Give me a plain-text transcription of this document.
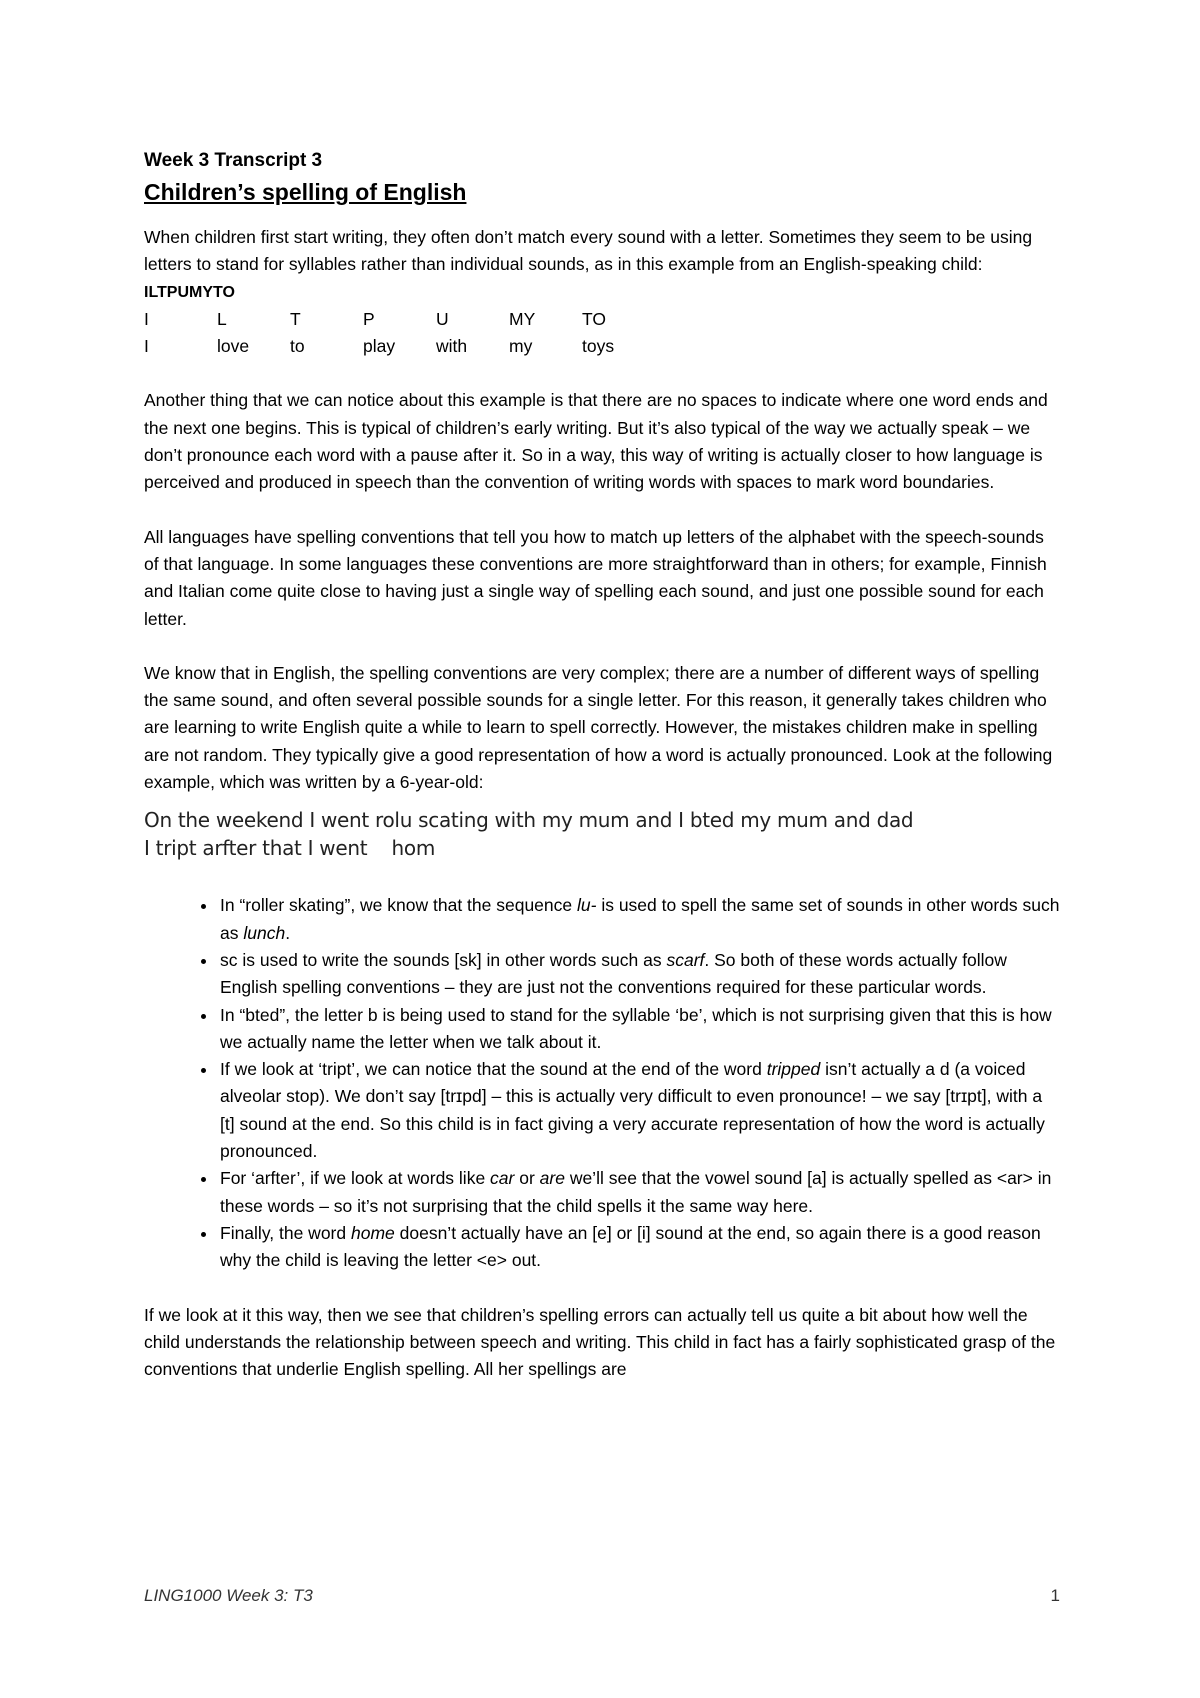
Week 3 Transcript 3
Children’s spelling of English

When children first start writing, they often don’t match every sound with a letter. Sometimes they seem to be using letters to stand for syllables rather than individual sounds, as in this example from an English-speaking child:

ILTPUMYTO
I	L	T	P	U	MY	TO
I	love	to	play	with	my	toys

Another thing that we can notice about this example is that there are no spaces to indicate where one word ends and the next one begins. This is typical of children’s early writing. But it’s also typical of the way we actually speak – we don’t pronounce each word with a pause after it. So in a way, this way of writing is actually closer to how language is perceived and produced in speech than the convention of writing words with spaces to mark word boundaries.

All languages have spelling conventions that tell you how to match up letters of the alphabet with the speech-sounds of that language. In some languages these conventions are more straightforward than in others; for example, Finnish and Italian come quite close to having just a single way of spelling each sound, and just one possible sound for each letter.

We know that in English, the spelling conventions are very complex; there are a number of different ways of spelling the same sound, and often several possible sounds for a single letter. For this reason, it generally takes children who are learning to write English quite a while to learn to spell correctly. However, the mistakes children make in spelling are not random. They typically give a good representation of how a word is actually pronounced. Look at the following example, which was written by a 6-year-old:

On the weekend I went rolu scating with my mum and I bted my mum and dad
I tript arfter that I went    hom
• In “roller skating”, we know that the sequence lu- is used to spell the same set of sounds in other words such as lunch.
• sc is used to write the sounds [sk] in other words such as scarf. So both of these words actually follow English spelling conventions – they are just not the conventions required for these particular words.
• In “bted”, the letter b is being used to stand for the syllable ‘be’, which is not surprising given that this is how we actually name the letter when we talk about it.
• If we look at ‘tript’, we can notice that the sound at the end of the word tripped isn’t actually a d (a voiced alveolar stop). We don’t say [trɪpd] – this is actually very difficult to even pronounce! – we say [trɪpt], with a [t] sound at the end. So this child is in fact giving a very accurate representation of how the word is actually pronounced.
• For ‘arfter’, if we look at words like car or are we’ll see that the vowel sound [a] is actually spelled as <ar> in these words – so it’s not surprising that the child spells it the same way here.
• Finally, the word home doesn’t actually have an [e] or [i] sound at the end, so again there is a good reason why the child is leaving the letter <e> out.

If we look at it this way, then we see that children’s spelling errors can actually tell us quite a bit about how well the child understands the relationship between speech and writing. This child in fact has a fairly sophisticated grasp of the conventions that underlie English spelling. All her spellings are

LING1000 Week 3: T3	1
